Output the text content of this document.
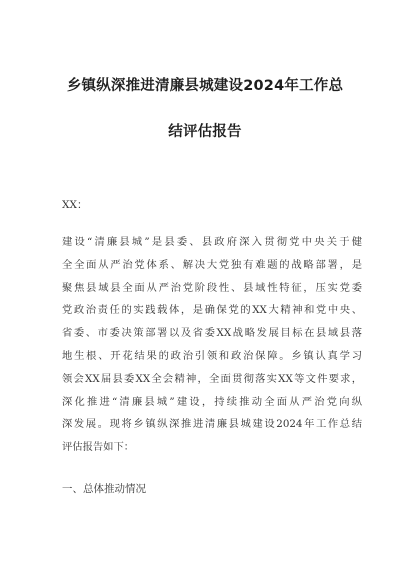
乡镇纵深推进清廉县城建设2024年工作总
结评估报告
XX：
建设“清廉县城”是县委、县政府深入贯彻党中央关于健
全全面从严治党体系、解决大党独有难题的战略部署，是
聚焦县域县全面从严治党阶段性、县域性特征，压实党委
党政治责任的实践载体，是确保党的XX大精神和党中央、
省委、市委决策部署以及省委XX战略发展目标在县域县落
地生根、开花结果的政治引领和政治保障。乡镇认真学习
领会XX届县委XX全会精神，全面贯彻落实XX等文件要求，
深化推进“清廉县城”建设，持续推动全面从严治党向纵
深发展。现将乡镇纵深推进清廉县城建设2024年工作总结
评估报告如下：
一、总体推动情况
